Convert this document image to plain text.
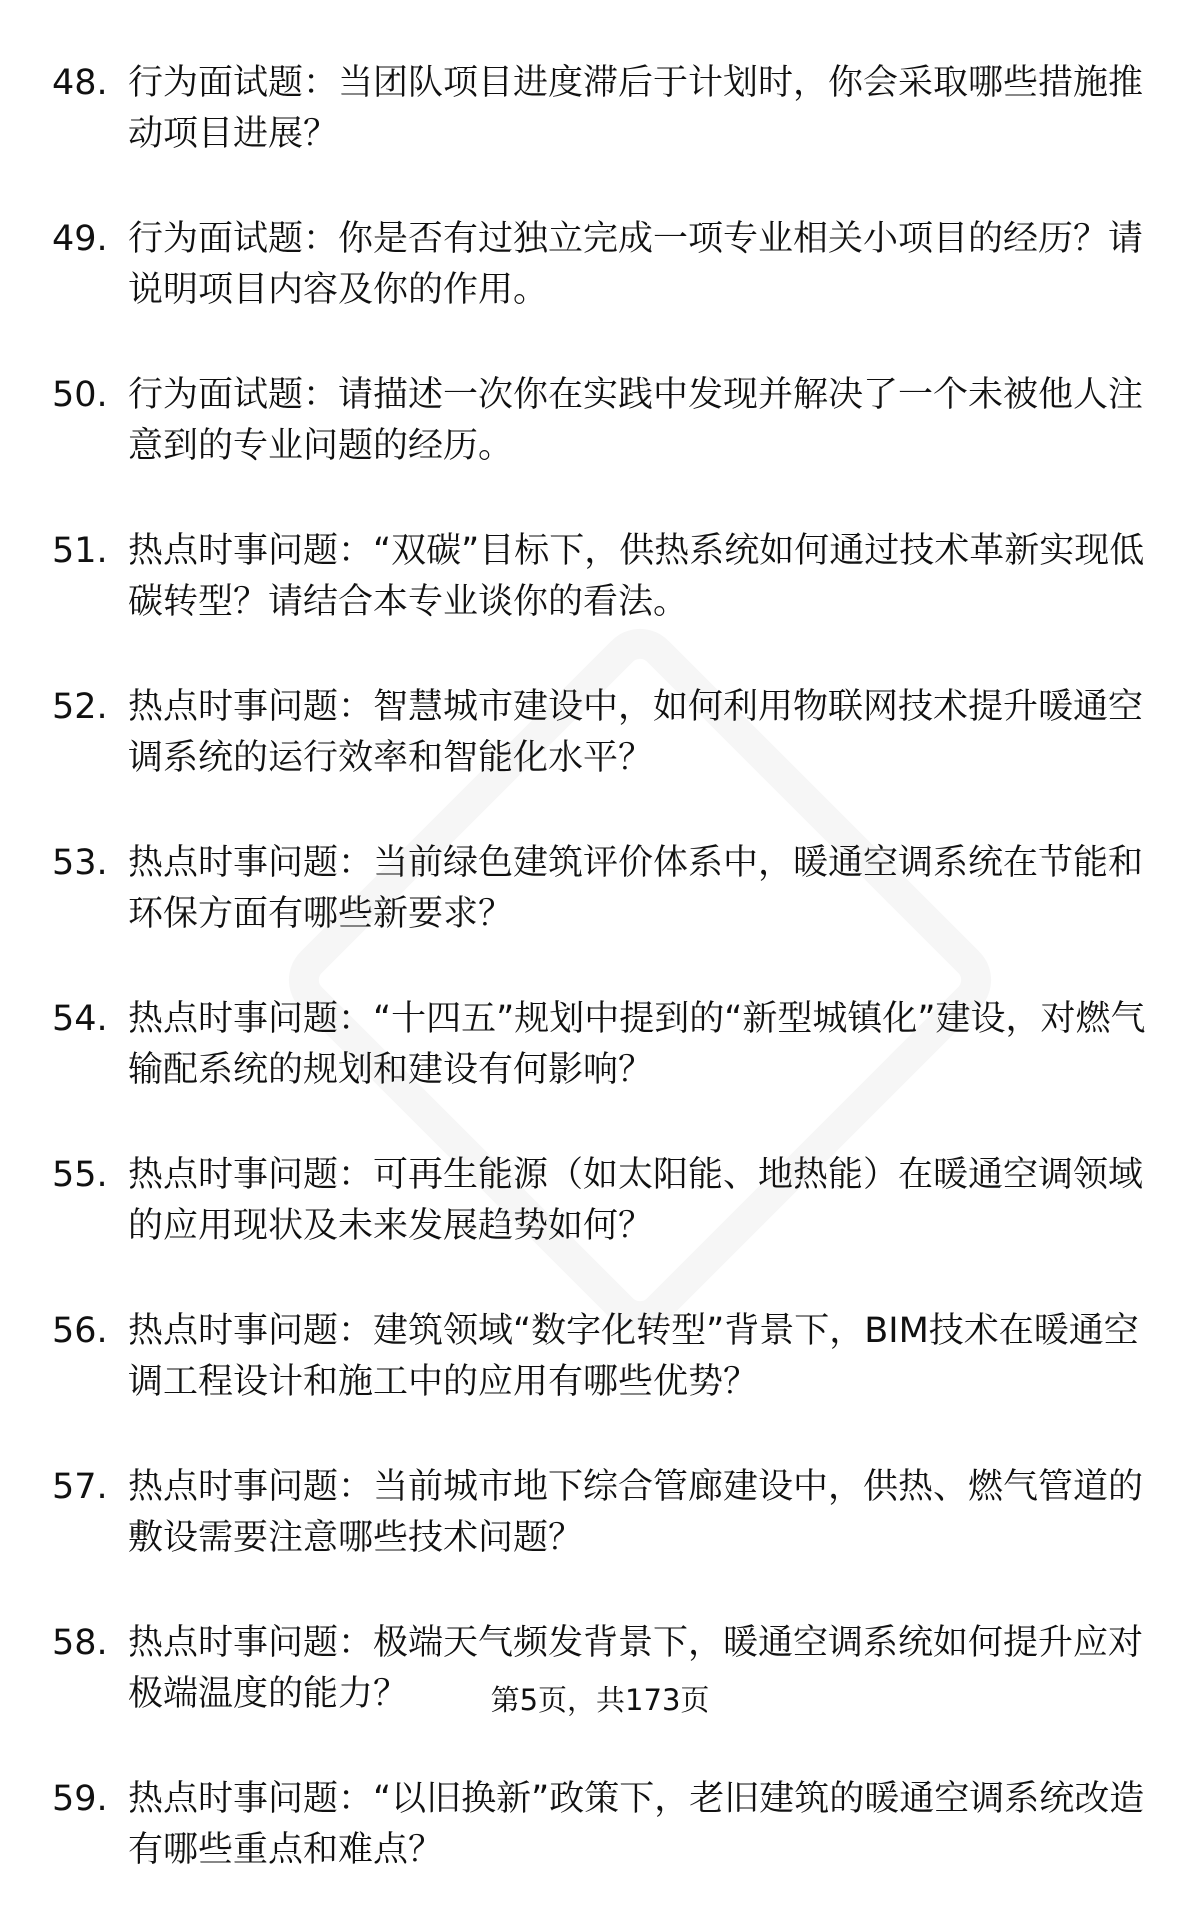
48. 行为面试题：当团队项目进度滞后于计划时，你会采取哪些措施推动项目进展？
49. 行为面试题：你是否有过独立完成一项专业相关小项目的经历？请说明项目内容及你的作用。
50. 行为面试题：请描述一次你在实践中发现并解决了一个未被他人注意到的专业问题的经历。
51. 热点时事问题：“双碳”目标下，供热系统如何通过技术革新实现低碳转型？请结合本专业谈你的看法。
52. 热点时事问题：智慧城市建设中，如何利用物联网技术提升暖通空调系统的运行效率和智能化水平？
53. 热点时事问题：当前绿色建筑评价体系中，暖通空调系统在节能和环保方面有哪些新要求？
54. 热点时事问题：“十四五”规划中提到的“新型城镇化”建设，对燃气输配系统的规划和建设有何影响？
55. 热点时事问题：可再生能源（如太阳能、地热能）在暖通空调领域的应用现状及未来发展趋势如何？
56. 热点时事问题：建筑领域“数字化转型”背景下，BIM技术在暖通空调工程设计和施工中的应用有哪些优势？
57. 热点时事问题：当前城市地下综合管廊建设中，供热、燃气管道的敷设需要注意哪些技术问题？
58. 热点时事问题：极端天气频发背景下，暖通空调系统如何提升应对极端温度的能力？
59. 热点时事问题：“以旧换新”政策下，老旧建筑的暖通空调系统改造有哪些重点和难点？
第5页，共173页
